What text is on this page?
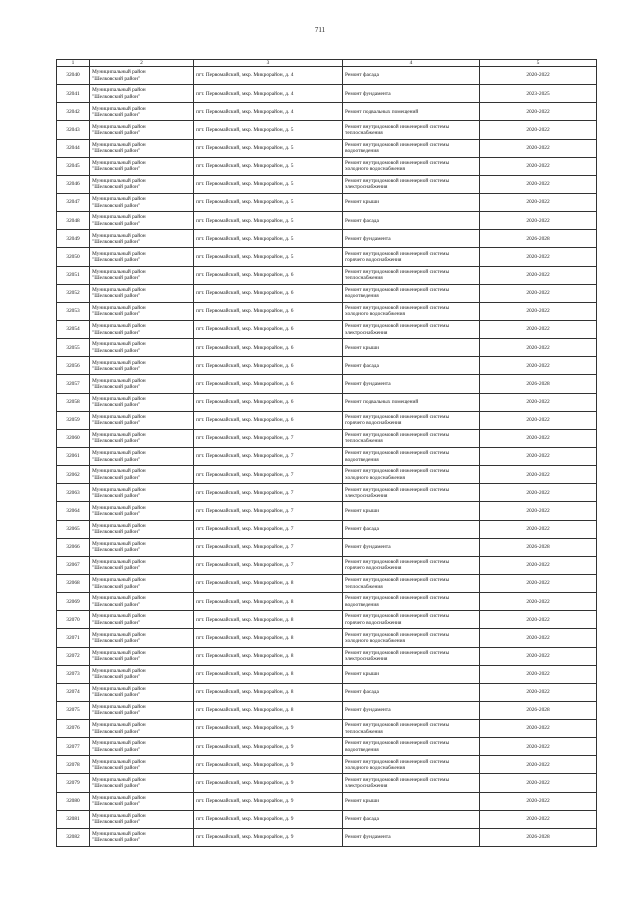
711
1	2	3	4	5

32040	Муниципальный район
"Шелковский район"	пгт. Первомайский, мкр. Микрорайон, д. 4	Ремонт фасада	2020-2022

32041	Муниципальный район
"Шелковский район"	пгт. Первомайский, мкр. Микрорайон, д. 4	Ремонт фундамента	2023-2025

32042	Муниципальный район
"Шелковский район"	пгт. Первомайский, мкр. Микрорайон, д. 4	Ремонт подвальных помещений	2020-2022

32043	Муниципальный район
"Шелковский район"	пгт. Первомайский, мкр. Микрорайон, д. 5	Ремонт внутридомовой инженерной системы
теплоснабжения	2020-2022

32044	Муниципальный район
"Шелковский район"	пгт. Первомайский, мкр. Микрорайон, д. 5	Ремонт внутридомовой инженерной системы
водоотведения	2020-2022

32045	Муниципальный район
"Шелковский район"	пгт. Первомайский, мкр. Микрорайон, д. 5	Ремонт внутридомовой инженерной системы
холодного водоснабжения	2020-2022

32046	Муниципальный район
"Шелковский район"	пгт. Первомайский, мкр. Микрорайон, д. 5	Ремонт внутридомовой инженерной системы
электроснабжения	2020-2022

32047	Муниципальный район
"Шелковский район"	пгт. Первомайский, мкр. Микрорайон, д. 5	Ремонт крыши	2020-2022

32048	Муниципальный район
"Шелковский район"	пгт. Первомайский, мкр. Микрорайон, д. 5	Ремонт фасада	2020-2022

32049	Муниципальный район
"Шелковский район"	пгт. Первомайский, мкр. Микрорайон, д. 5	Ремонт фундамента	2026-2028

32050	Муниципальный район
"Шелковский район"	пгт. Первомайский, мкр. Микрорайон, д. 5	Ремонт внутридомовой инженерной системы
горячего водоснабжения	2020-2022

32051	Муниципальный район
"Шелковский район"	пгт. Первомайский, мкр. Микрорайон, д. 6	Ремонт внутридомовой инженерной системы
теплоснабжения	2020-2022

32052	Муниципальный район
"Шелковский район"	пгт. Первомайский, мкр. Микрорайон, д. 6	Ремонт внутридомовой инженерной системы
водоотведения	2020-2022

32053	Муниципальный район
"Шелковский район"	пгт. Первомайский, мкр. Микрорайон, д. 6	Ремонт внутридомовой инженерной системы
холодного водоснабжения	2020-2022

32054	Муниципальный район
"Шелковский район"	пгт. Первомайский, мкр. Микрорайон, д. 6	Ремонт внутридомовой инженерной системы
электроснабжения	2020-2022

32055	Муниципальный район
"Шелковский район"	пгт. Первомайский, мкр. Микрорайон, д. 6	Ремонт крыши	2020-2022

32056	Муниципальный район
"Шелковский район"	пгт. Первомайский, мкр. Микрорайон, д. 6	Ремонт фасада	2020-2022

32057	Муниципальный район
"Шелковский район"	пгт. Первомайский, мкр. Микрорайон, д. 6	Ремонт фундамента	2026-2028

32058	Муниципальный район
"Шелковский район"	пгт. Первомайский, мкр. Микрорайон, д. 6	Ремонт подвальных помещений	2020-2022

32059	Муниципальный район
"Шелковский район"	пгт. Первомайский, мкр. Микрорайон, д. 6	Ремонт внутридомовой инженерной системы
горячего водоснабжения	2020-2022

32060	Муниципальный район
"Шелковский район"	пгт. Первомайский, мкр. Микрорайон, д. 7	Ремонт внутридомовой инженерной системы
теплоснабжения	2020-2022

32061	Муниципальный район
"Шелковский район"	пгт. Первомайский, мкр. Микрорайон, д. 7	Ремонт внутридомовой инженерной системы
водоотведения	2020-2022

32062	Муниципальный район
"Шелковский район"	пгт. Первомайский, мкр. Микрорайон, д. 7	Ремонт внутридомовой инженерной системы
холодного водоснабжения	2020-2022

32063	Муниципальный район
"Шелковский район"	пгт. Первомайский, мкр. Микрорайон, д. 7	Ремонт внутридомовой инженерной системы
электроснабжения	2020-2022

32064	Муниципальный район
"Шелковский район"	пгт. Первомайский, мкр. Микрорайон, д. 7	Ремонт крыши	2020-2022

32065	Муниципальный район
"Шелковский район"	пгт. Первомайский, мкр. Микрорайон, д. 7	Ремонт фасада	2020-2022

32066	Муниципальный район
"Шелковский район"	пгт. Первомайский, мкр. Микрорайон, д. 7	Ремонт фундамента	2026-2028

32067	Муниципальный район
"Шелковский район"	пгт. Первомайский, мкр. Микрорайон, д. 7	Ремонт внутридомовой инженерной системы
горячего водоснабжения	2020-2022

32068	Муниципальный район
"Шелковский район"	пгт. Первомайский, мкр. Микрорайон, д. 8	Ремонт внутридомовой инженерной системы
теплоснабжения	2020-2022

32069	Муниципальный район
"Шелковский район"	пгт. Первомайский, мкр. Микрорайон, д. 8	Ремонт внутридомовой инженерной системы
водоотведения	2020-2022

32070	Муниципальный район
"Шелковский район"	пгт. Первомайский, мкр. Микрорайон, д. 8	Ремонт внутридомовой инженерной системы
горячего водоснабжения	2020-2022

32071	Муниципальный район
"Шелковский район"	пгт. Первомайский, мкр. Микрорайон, д. 8	Ремонт внутридомовой инженерной системы
холодного водоснабжения	2020-2022

32072	Муниципальный район
"Шелковский район"	пгт. Первомайский, мкр. Микрорайон, д. 8	Ремонт внутридомовой инженерной системы
электроснабжения	2020-2022

32073	Муниципальный район
"Шелковский район"	пгт. Первомайский, мкр. Микрорайон, д. 8	Ремонт крыши	2020-2022

32074	Муниципальный район
"Шелковский район"	пгт. Первомайский, мкр. Микрорайон, д. 8	Ремонт фасада	2020-2022

32075	Муниципальный район
"Шелковский район"	пгт. Первомайский, мкр. Микрорайон, д. 8	Ремонт фундамента	2026-2028

32076	Муниципальный район
"Шелковский район"	пгт. Первомайский, мкр. Микрорайон, д. 9	Ремонт внутридомовой инженерной системы
теплоснабжения	2020-2022

32077	Муниципальный район
"Шелковский район"	пгт. Первомайский, мкр. Микрорайон, д. 9	Ремонт внутридомовой инженерной системы
водоотведения	2020-2022

32078	Муниципальный район
"Шелковский район"	пгт. Первомайский, мкр. Микрорайон, д. 9	Ремонт внутридомовой инженерной системы
холодного водоснабжения	2020-2022

32079	Муниципальный район
"Шелковский район"	пгт. Первомайский, мкр. Микрорайон, д. 9	Ремонт внутридомовой инженерной системы
электроснабжения	2020-2022

32080	Муниципальный район
"Шелковский район"	пгт. Первомайский, мкр. Микрорайон, д. 9	Ремонт крыши	2020-2022

32081	Муниципальный район
"Шелковский район"	пгт. Первомайский, мкр. Микрорайон, д. 9	Ремонт фасада	2020-2022

32082	Муниципальный район
"Шелковский район"	пгт. Первомайский, мкр. Микрорайон, д. 9	Ремонт фундамента	2026-2028
